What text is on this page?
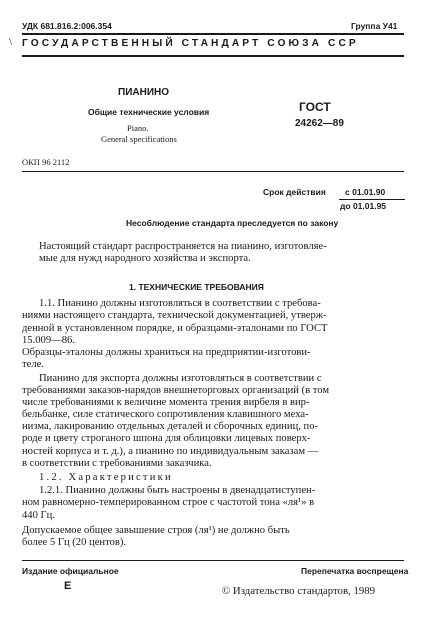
УДК 681.816.2:006.354	Группа У41
\ ГОСУДАРСТВЕННЫЙ СТАНДАРТ СОЮЗА ССР
ПИАНИНО
Общие технические условия
Piano.
General specifications
ГОСТ
24262—89
ОКП 96 2112
Срок действия с 01.01.90
до 01.01.95
Несоблюдение стандарта преследуется по закону
Настоящий стандарт распространяется на пианино, изготовляе-
мые для нужд народного хозяйства и экспорта.
1. ТЕХНИЧЕСКИЕ ТРЕБОВАНИЯ
1.1. Пианино должны изготовляться в соответствии с требова-
ниями настоящего стандарта, технической документацией, утверж-
денной в установленном порядке, и образцами-эталонами по ГОСТ
15.009—86.
Образцы-эталоны должны храниться на предприятии-изготови-
теле.
Пианино для экспорта должны изготовляться в соответствии с
требованиями заказов-нарядов внешнеторговых организаций (в том
числе требованиями к величине момента трения вирбеля в вир-
бельбанке, силе статического сопротивления клавишного меха-
низма, лакированию отдельных деталей и сборочных единиц, по-
роде и цвету строганого шпона для облицовки лицевых поверх-
ностей корпуса и т. д.), а пианино по индивидуальным заказам —
в соответствии с требованиями заказчика.
1.2. Характеристики
1.2.1. Пианино должны быть настроены в двенадцатиступен-
ном равномерно-темперированном строе с частотой тона «ля¹» в
440 Гц.
Допускаемое общее завышение строя (ля¹) не должно быть
более 5 Гц (20 центов).
Издание официальное	Перепечатка воспрещена
E	© Издательство стандартов, 1989
